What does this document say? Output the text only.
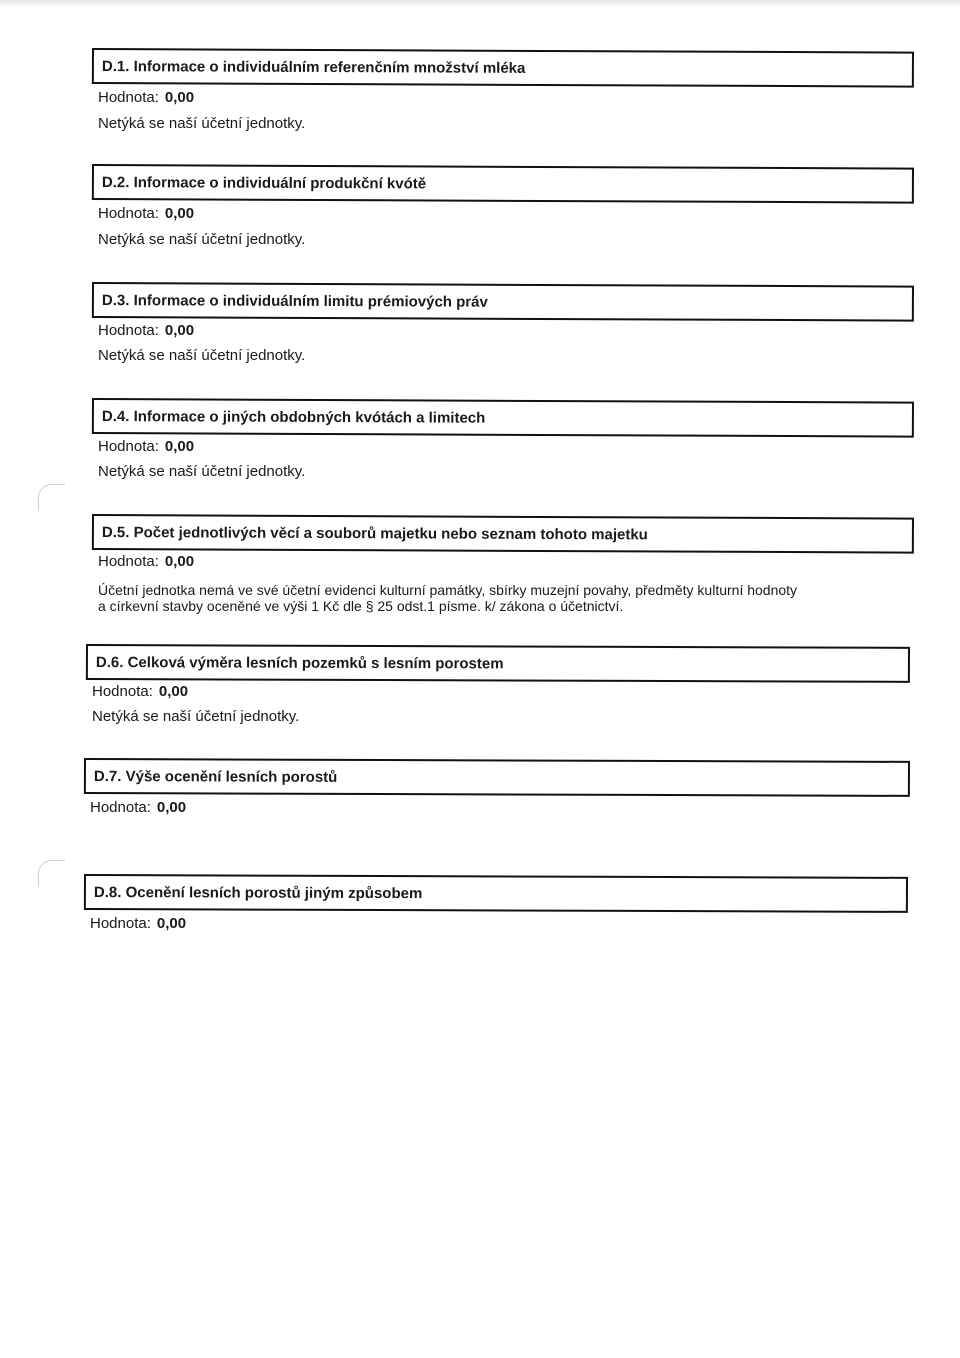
D.1. Informace o individuálním referenčním množství mléka
Hodnota: 0,00
Netýká se naší účetní jednotky.
D.2. Informace o individuální produkční kvótě
Hodnota: 0,00
Netýká se naší účetní jednotky.
D.3. Informace o individuálním limitu prémiových práv
Hodnota: 0,00
Netýká se naší účetní jednotky.
D.4. Informace o jiných obdobných kvótách a limitech
Hodnota: 0,00
Netýká se naší účetní jednotky.
D.5. Počet jednotlivých věcí a souborů majetku nebo seznam tohoto majetku
Hodnota: 0,00
Účetní jednotka nemá ve své účetní evidenci kulturní památky, sbírky muzejní povahy, předměty kulturní hodnoty
a církevní stavby oceněné ve výši 1 Kč dle § 25 odst.1 písme. k/ zákona o účetnictví.
D.6. Celková výměra lesních pozemků s lesním porostem
Hodnota: 0,00
Netýká se naší účetní jednotky.
D.7. Výše ocenění lesních porostů
Hodnota: 0,00
D.8. Ocenění lesních porostů jiným způsobem
Hodnota: 0,00
